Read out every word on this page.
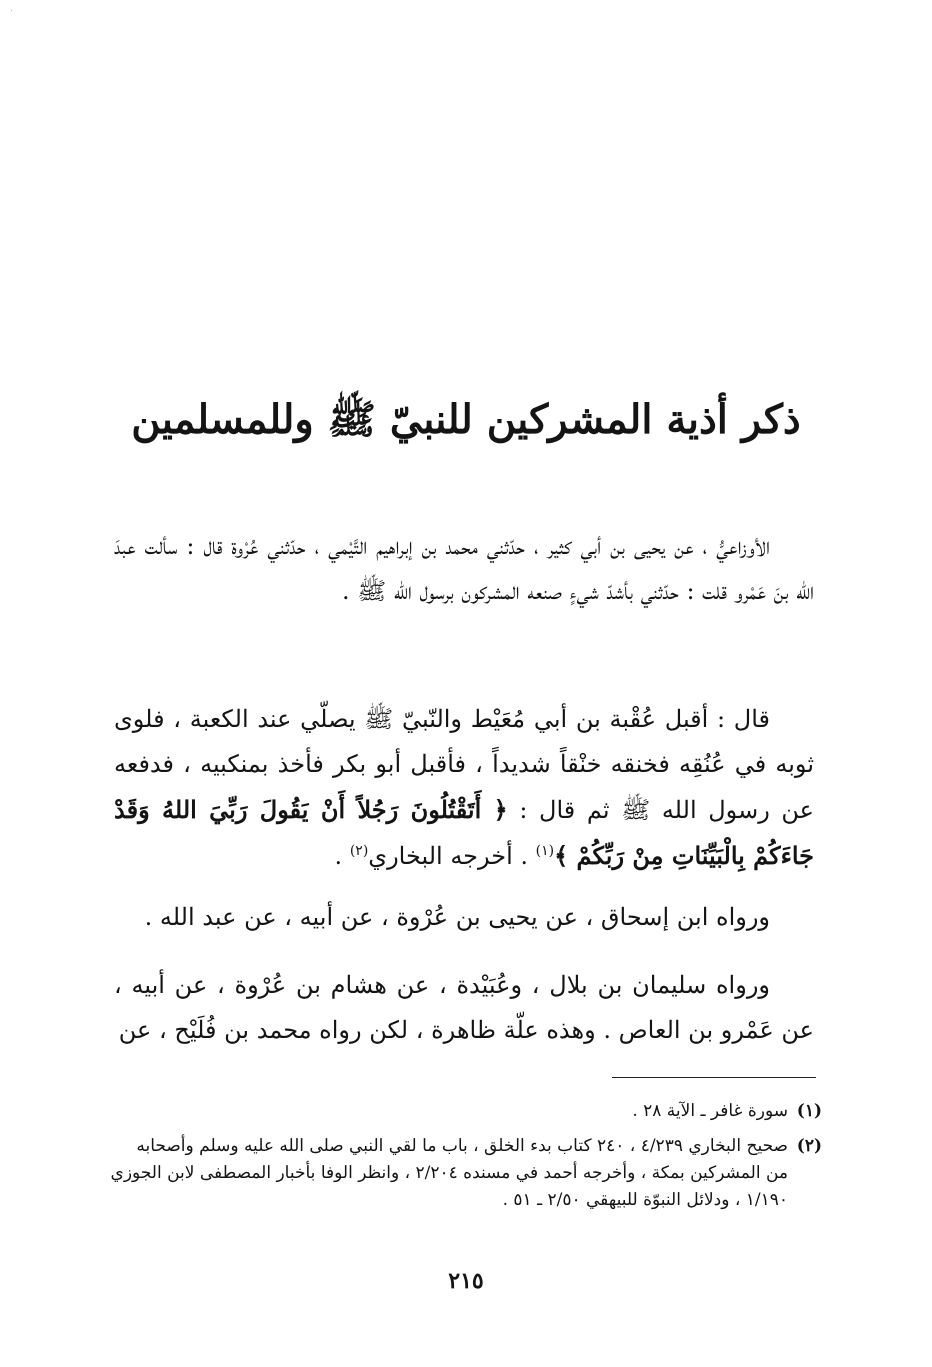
·
ذكر أذية المشركين للنبيّ ﷺ وللمسلمين

الأوزاعيُّ ، عن يحيى بن أبي كثير ، حدّثني محمد بن إبراهيم التَّيْمي ، حدّثني عُرْوة قال : سألت عبدَ الله بنَ عَمْرو قلت : حدّثني بأشدّ شيءٍ صنعه المشركون برسول الله ﷺ .

قال : أقبل عُقْبة بن أبي مُعَيْط والنّبيّ ﷺ يصلّي عند الكعبة ، فلوى ثوبه في عُنُقِه فخنقه خنْقاً شديداً ، فأقبل أبو بكر فأخذ بمنكبيه ، فدفعه عن رسول الله ﷺ ثم قال : ﴿ أَتَقْتُلُونَ رَجُلاً أَنْ يَقُولَ رَبِّيَ اللهُ وَقَدْ جَاءَكُمْ بِالْبَيِّنَاتِ مِنْ رَبِّكُمْ ﴾$^{(١)}$ . أخرجه البخاري$^{(٢)}$ .

ورواه ابن إسحاق ، عن يحيى بن عُرْوة ، عن أبيه ، عن عبد الله .

ورواه سليمان بن بلال ، وعُبَيْدة ، عن هشام بن عُرْوة ، عن أبيه ، عن عَمْرو بن العاص . وهذه علّة ظاهرة ، لكن رواه محمد بن فُلَيْح ، عن

(١)
سورة غافر ـ الآية ٢٨ .
(٢)
صحيح البخاري ٤/٢٣٩ ، ٢٤٠ كتاب بدء الخلق ، باب ما لقي النبي صلى الله عليه وسلم وأصحابه من المشركين بمكة ، وأخرجه أحمد في مسنده ٢/٢٠٤ ، وانظر الوفا بأخبار المصطفى لابن الجوزي ١/١٩٠ ، ودلائل النبوّة للبيهقي ٢/٥٠ ـ ٥١ .
٢١٥
